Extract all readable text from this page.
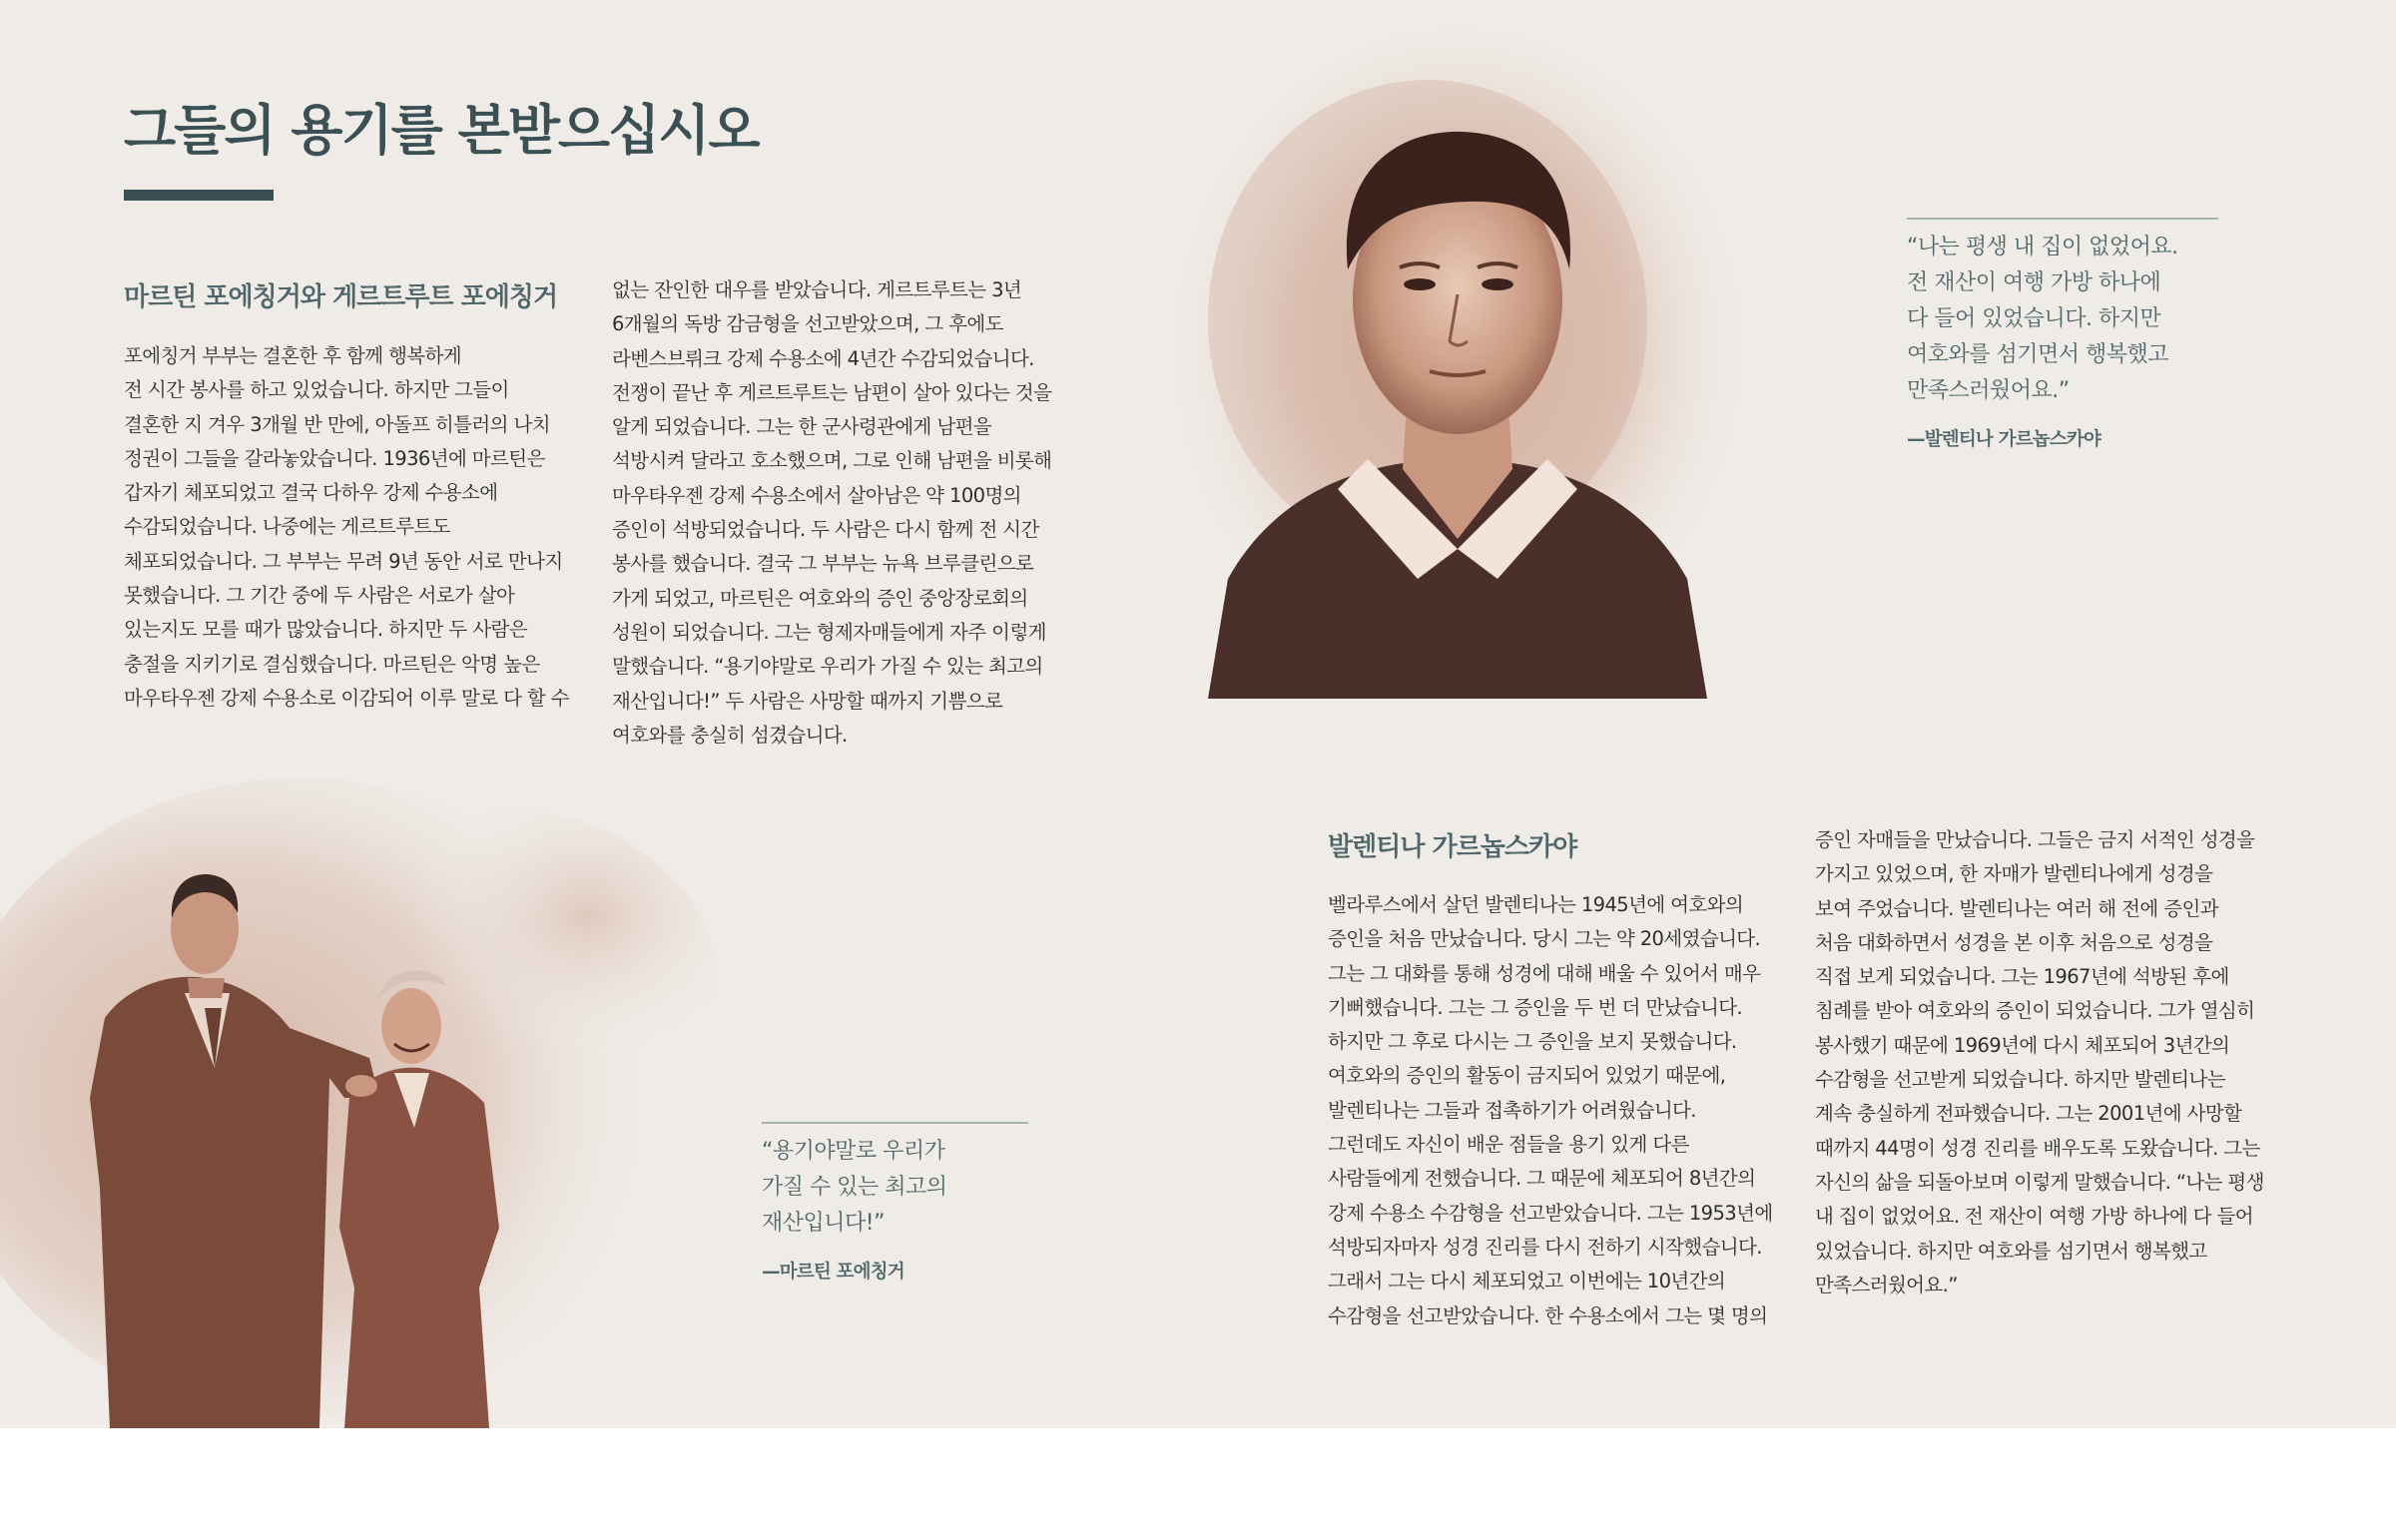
그들의 용기를 본받으십시오
마르틴 포에칭거와 게르트루트 포에칭거

포에칭거 부부는 결혼한 후 함께 행복하게
전 시간 봉사를 하고 있었습니다. 하지만 그들이
결혼한 지 겨우 3개월 반 만에, 아돌프 히틀러의 나치
정권이 그들을 갈라놓았습니다. 1936년에 마르틴은
갑자기 체포되었고 결국 다하우 강제 수용소에
수감되었습니다. 나중에는 게르트루트도
체포되었습니다. 그 부부는 무려 9년 동안 서로 만나지
못했습니다. 그 기간 중에 두 사람은 서로가 살아
있는지도 모를 때가 많았습니다. 하지만 두 사람은
충절을 지키기로 결심했습니다. 마르틴은 악명 높은
마우타우젠 강제 수용소로 이감되어 이루 말로 다 할 수

없는 잔인한 대우를 받았습니다. 게르트루트는 3년
6개월의 독방 감금형을 선고받았으며, 그 후에도
라벤스브뤼크 강제 수용소에 4년간 수감되었습니다.
전쟁이 끝난 후 게르트루트는 남편이 살아 있다는 것을
알게 되었습니다. 그는 한 군사령관에게 남편을
석방시켜 달라고 호소했으며, 그로 인해 남편을 비롯해
마우타우젠 강제 수용소에서 살아남은 약 100명의
증인이 석방되었습니다. 두 사람은 다시 함께 전 시간
봉사를 했습니다. 결국 그 부부는 뉴욕 브루클린으로
가게 되었고, 마르틴은 여호와의 증인 중앙장로회의
성원이 되었습니다. 그는 형제자매들에게 자주 이렇게
말했습니다. “용기야말로 우리가 가질 수 있는 최고의
재산입니다!” 두 사람은 사망할 때까지 기쁨으로
여호와를 충실히 섬겼습니다.

“나는 평생 내 집이 없었어요.
전 재산이 여행 가방 하나에
다 들어 있었습니다. 하지만
여호와를 섬기면서 행복했고
만족스러웠어요.”

—발렌티나 가르놉스카야

“용기야말로 우리가
가질 수 있는 최고의
재산입니다!”

—마르틴 포에칭거

발렌티나 가르놉스카야

벨라루스에서 살던 발렌티나는 1945년에 여호와의
증인을 처음 만났습니다. 당시 그는 약 20세였습니다.
그는 그 대화를 통해 성경에 대해 배울 수 있어서 매우
기뻐했습니다. 그는 그 증인을 두 번 더 만났습니다.
하지만 그 후로 다시는 그 증인을 보지 못했습니다.
여호와의 증인의 활동이 금지되어 있었기 때문에,
발렌티나는 그들과 접촉하기가 어려웠습니다.
그런데도 자신이 배운 점들을 용기 있게 다른
사람들에게 전했습니다. 그 때문에 체포되어 8년간의
강제 수용소 수감형을 선고받았습니다. 그는 1953년에
석방되자마자 성경 진리를 다시 전하기 시작했습니다.
그래서 그는 다시 체포되었고 이번에는 10년간의
수감형을 선고받았습니다. 한 수용소에서 그는 몇 명의

증인 자매들을 만났습니다. 그들은 금지 서적인 성경을
가지고 있었으며, 한 자매가 발렌티나에게 성경을
보여 주었습니다. 발렌티나는 여러 해 전에 증인과
처음 대화하면서 성경을 본 이후 처음으로 성경을
직접 보게 되었습니다. 그는 1967년에 석방된 후에
침례를 받아 여호와의 증인이 되었습니다. 그가 열심히
봉사했기 때문에 1969년에 다시 체포되어 3년간의
수감형을 선고받게 되었습니다. 하지만 발렌티나는
계속 충실하게 전파했습니다. 그는 2001년에 사망할
때까지 44명이 성경 진리를 배우도록 도왔습니다. 그는
자신의 삶을 되돌아보며 이렇게 말했습니다. “나는 평생
내 집이 없었어요. 전 재산이 여행 가방 하나에 다 들어
있었습니다. 하지만 여호와를 섬기면서 행복했고
만족스러웠어요.”
